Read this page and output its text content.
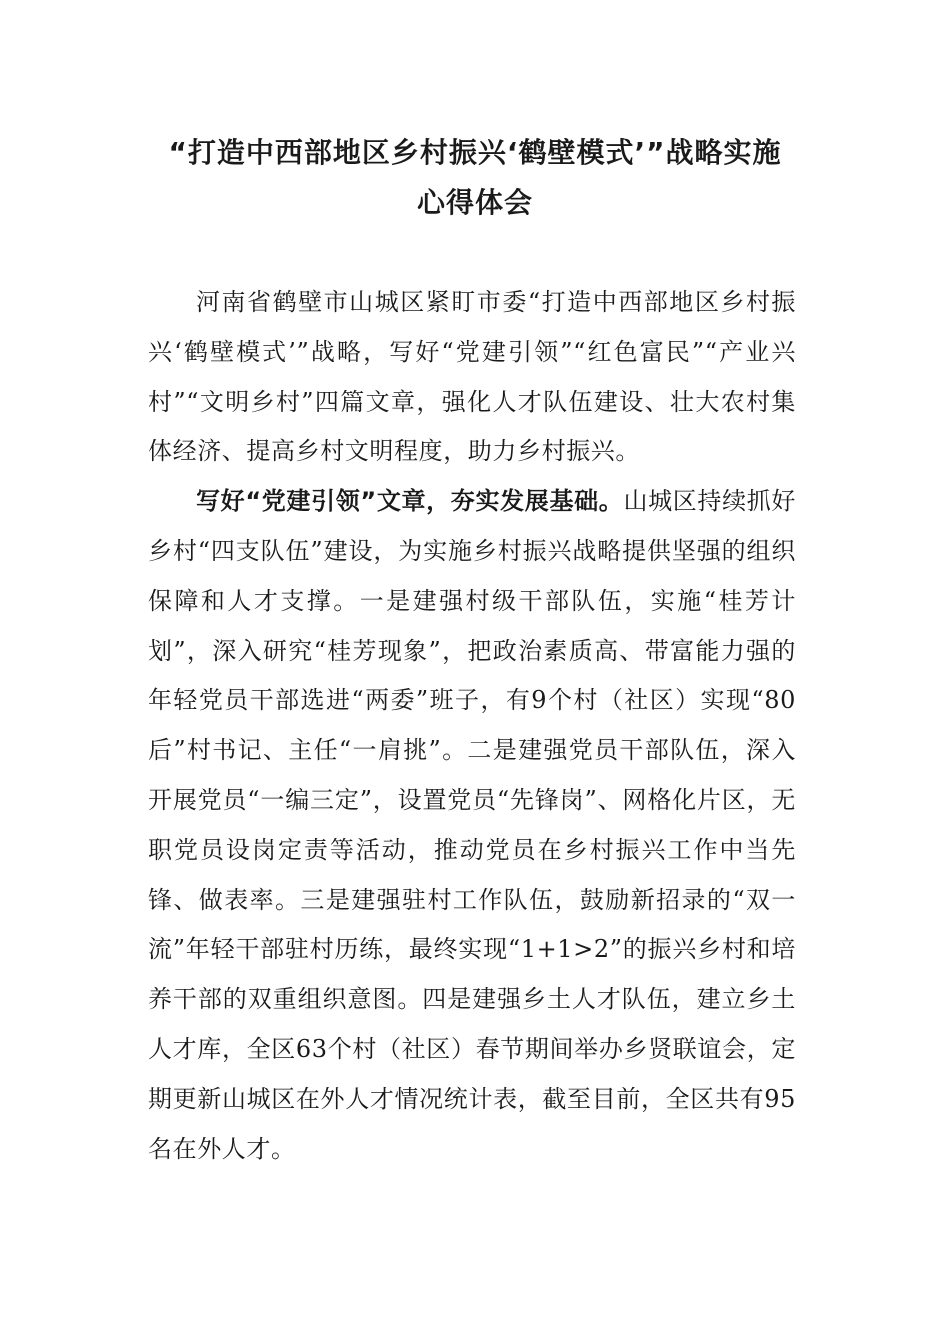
“打造中西部地区乡村振兴‘鹤壁模式’”战略实施
心得体会

河南省鹤壁市山城区紧盯市委“打造中西部地区乡村振兴‘鹤壁模式’”战略，写好“党建引领”“红色富民”“产业兴村”“文明乡村”四篇文章，强化人才队伍建设、壮大农村集体经济、提高乡村文明程度，助力乡村振兴。

写好“党建引领”文章，夯实发展基础。山城区持续抓好乡村“四支队伍”建设，为实施乡村振兴战略提供坚强的组织保障和人才支撑。一是建强村级干部队伍，实施“桂芳计划”，深入研究“桂芳现象”，把政治素质高、带富能力强的年轻党员干部选进“两委”班子，有9个村（社区）实现“80后”村书记、主任“一肩挑”。二是建强党员干部队伍，深入开展党员“一编三定”，设置党员“先锋岗”、网格化片区，无职党员设岗定责等活动，推动党员在乡村振兴工作中当先锋、做表率。三是建强驻村工作队伍，鼓励新招录的“双一流”年轻干部驻村历练，最终实现“1+1>2”的振兴乡村和培养干部的双重组织意图。四是建强乡土人才队伍，建立乡土人才库，全区63个村（社区）春节期间举办乡贤联谊会，定期更新山城区在外人才情况统计表，截至目前，全区共有95名在外人才。
